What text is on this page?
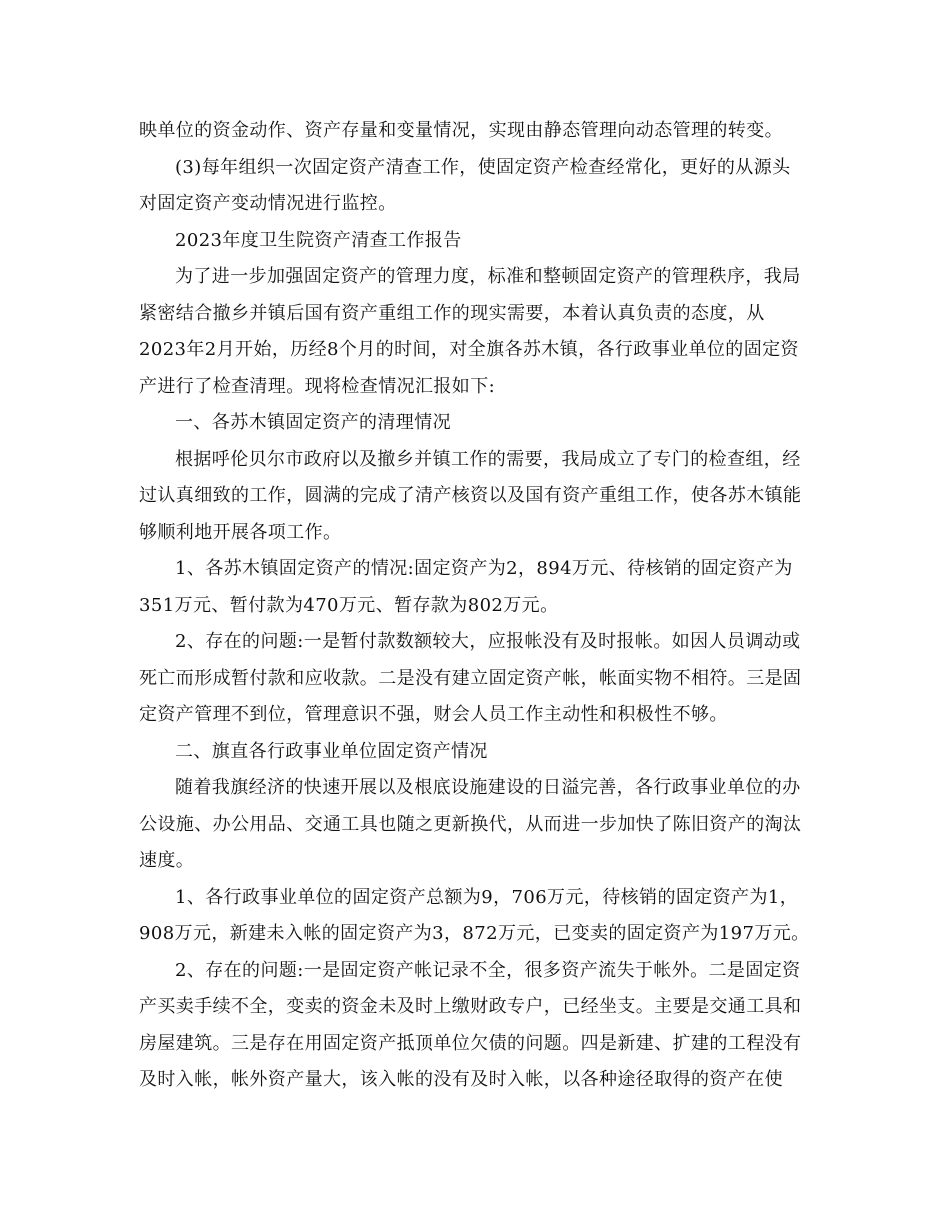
映单位的资金动作、资产存量和变量情况，实现由静态管理向动态管理的转变。
(3)每年组织一次固定资产清查工作，使固定资产检查经常化，更好的从源头
对固定资产变动情况进行监控。
2023年度卫生院资产清查工作报告
为了进一步加强固定资产的管理力度，标准和整顿固定资产的管理秩序，我局
紧密结合撤乡并镇后国有资产重组工作的现实需要，本着认真负责的态度，从
2023年2月开始，历经8个月的时间，对全旗各苏木镇，各行政事业单位的固定资
产进行了检查清理。现将检查情况汇报如下:
一、各苏木镇固定资产的清理情况
根据呼伦贝尔市政府以及撤乡并镇工作的需要，我局成立了专门的检查组，经
过认真细致的工作，圆满的完成了清产核资以及国有资产重组工作，使各苏木镇能
够顺利地开展各项工作。
1、各苏木镇固定资产的情况:固定资产为2，894万元、待核销的固定资产为
351万元、暂付款为470万元、暂存款为802万元。
2、存在的问题:一是暂付款数额较大，应报帐没有及时报帐。如因人员调动或
死亡而形成暂付款和应收款。二是没有建立固定资产帐，帐面实物不相符。三是固
定资产管理不到位，管理意识不强，财会人员工作主动性和积极性不够。
二、旗直各行政事业单位固定资产情况
随着我旗经济的快速开展以及根底设施建设的日溢完善，各行政事业单位的办
公设施、办公用品、交通工具也随之更新换代，从而进一步加快了陈旧资产的淘汰
速度。
1、各行政事业单位的固定资产总额为9，706万元，待核销的固定资产为1，
908万元，新建未入帐的固定资产为3，872万元，已变卖的固定资产为197万元。
2、存在的问题:一是固定资产帐记录不全，很多资产流失于帐外。二是固定资
产买卖手续不全，变卖的资金未及时上缴财政专户，已经坐支。主要是交通工具和
房屋建筑。三是存在用固定资产抵顶单位欠债的问题。四是新建、扩建的工程没有
及时入帐，帐外资产量大，该入帐的没有及时入帐，以各种途径取得的资产在使
